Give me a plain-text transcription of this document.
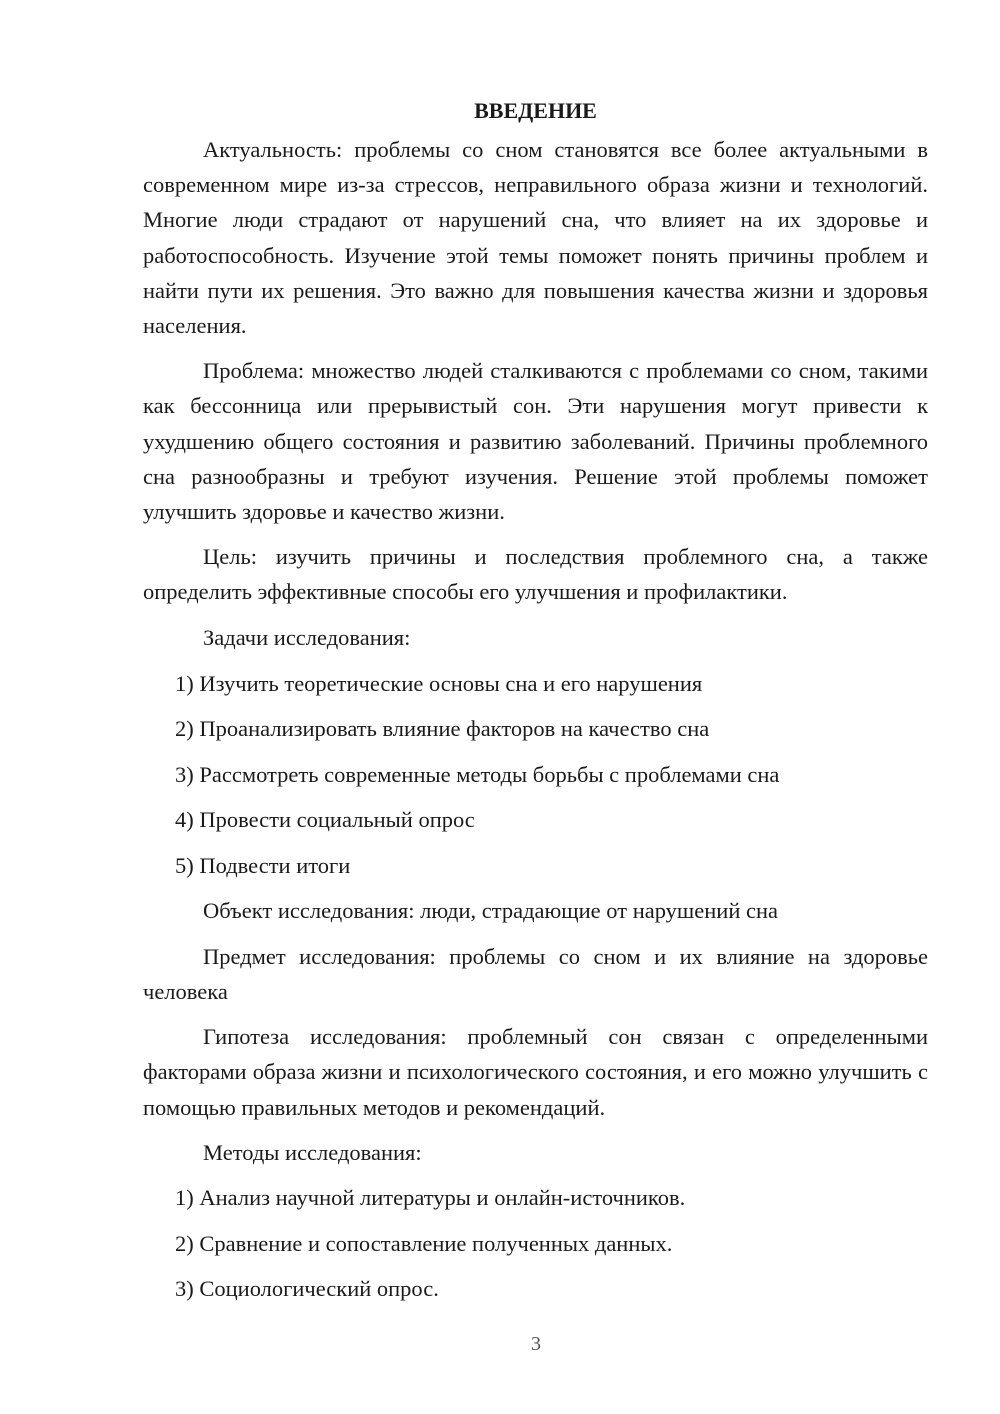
ВВЕДЕНИЕ

Актуальность: проблемы со сном становятся все более актуальными в современном мире из-за стрессов, неправильного образа жизни и технологий. Многие люди страдают от нарушений сна, что влияет на их здоровье и работоспособность. Изучение этой темы поможет понять причины проблем и найти пути их решения. Это важно для повышения качества жизни и здоровья населения.

Проблема: множество людей сталкиваются с проблемами со сном, такими как бессонница или прерывистый сон. Эти нарушения могут привести к ухудшению общего состояния и развитию заболеваний. Причины проблемного сна разнообразны и требуют изучения. Решение этой проблемы поможет улучшить здоровье и качество жизни.

Цель: изучить причины и последствия проблемного сна, а также определить эффективные способы его улучшения и профилактики.

Задачи исследования:

1) Изучить теоретические основы сна и его нарушения

2) Проанализировать влияние факторов на качество сна

3) Рассмотреть современные методы борьбы с проблемами сна

4) Провести социальный опрос

5) Подвести итоги

Объект исследования: люди, страдающие от нарушений сна

Предмет исследования: проблемы со сном и их влияние на здоровье человека

Гипотеза исследования: проблемный сон связан с определенными факторами образа жизни и психологического состояния, и его можно улучшить с помощью правильных методов и рекомендаций.

Методы исследования:

1) Анализ научной литературы и онлайн-источников.

2) Сравнение и сопоставление полученных данных.

3) Социологический опрос.

3
